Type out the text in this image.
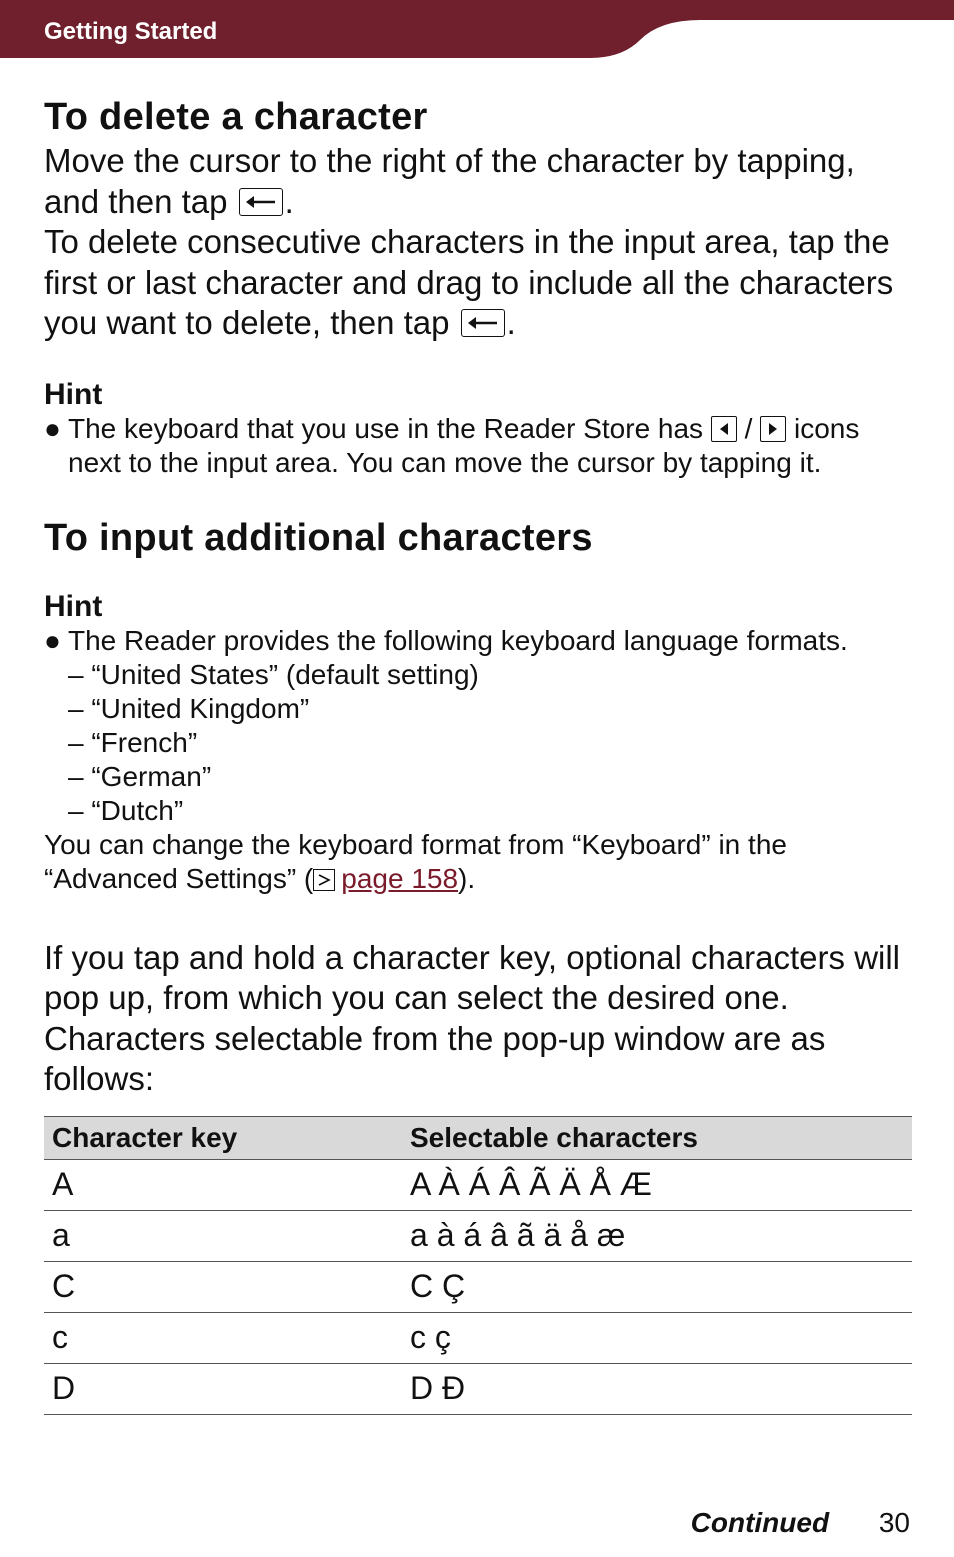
Getting Started
To delete a character

Move the cursor to the right of the character by tapping, and then tap .

To delete consecutive characters in the input area, tap the first or last character and drag to include all the characters you want to delete, then tap .

Hint

● The keyboard that you use in the Reader Store has / icons next to the input area. You can move the cursor by tapping it.
To input additional characters

Hint

● The Reader provides the following keyboard language formats.
– “United States” (default setting)
– “United Kingdom”
– “French”
– “German”
– “Dutch”
You can change the keyboard format from “Keyboard” in the “Advanced Settings” ( page 158).

If you tap and hold a character key, optional characters will pop up, from which you can select the desired one. Characters selectable from the pop-up window are as follows:

Character key	Selectable characters
A	A À Á Â Ã Ä Å Æ
a	a à á â ã ä å æ
C	C Ç
c	c ç
D	D Ð
Continued 30
